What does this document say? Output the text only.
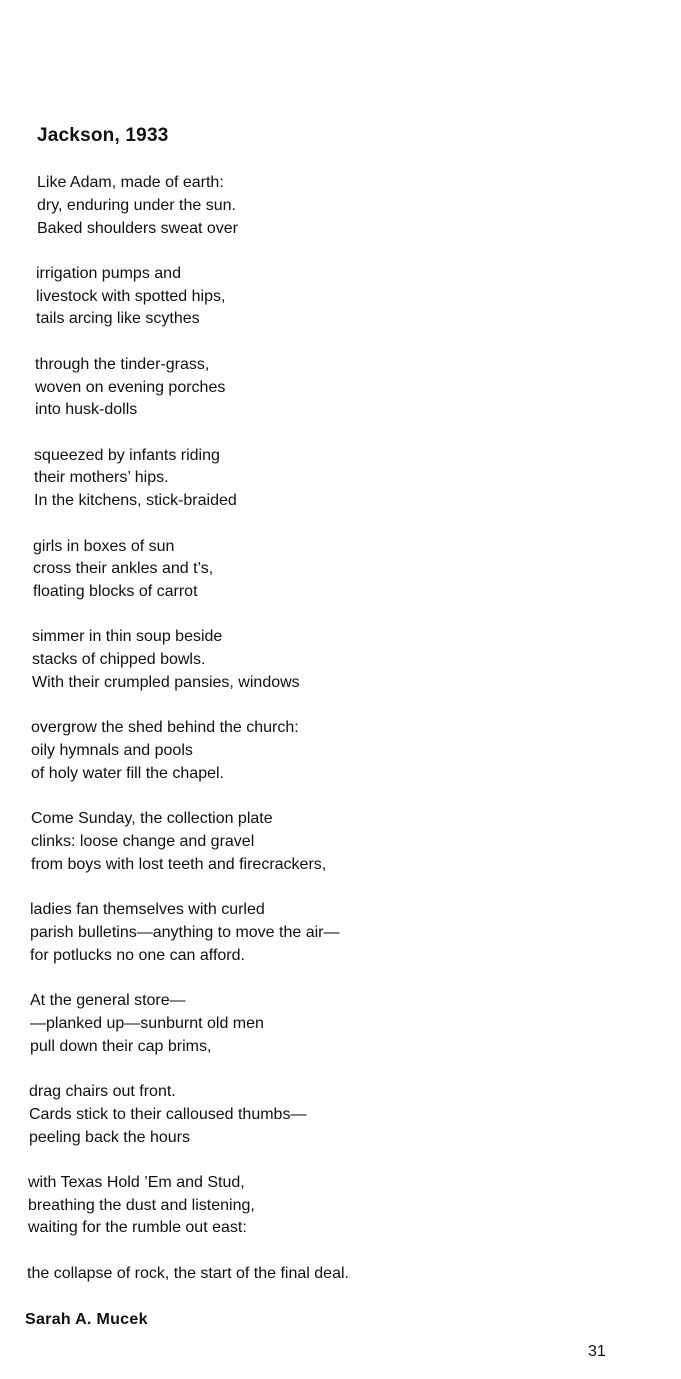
Jackson, 1933
Like Adam, made of earth:
dry, enduring under the sun.
Baked shoulders sweat over
irrigation pumps and
livestock with spotted hips,
tails arcing like scythes
through the tinder-grass,
woven on evening porches
into husk-dolls
squeezed by infants riding
their mothers’ hips.
In the kitchens, stick-braided
girls in boxes of sun
cross their ankles and t’s,
floating blocks of carrot
simmer in thin soup beside
stacks of chipped bowls.
With their crumpled pansies, windows
overgrow the shed behind the church:
oily hymnals and pools
of holy water fill the chapel.
Come Sunday, the collection plate
clinks: loose change and gravel
from boys with lost teeth and firecrackers,
ladies fan themselves with curled
parish bulletins—anything to move the air—
for potlucks no one can afford.
At the general store—
—planked up—sunburnt old men
pull down their cap brims,
drag chairs out front.
Cards stick to their calloused thumbs—
peeling back the hours
with Texas Hold ’Em and Stud,
breathing the dust and listening,
waiting for the rumble out east:
the collapse of rock, the start of the final deal.
Sarah A. Mucek
31
